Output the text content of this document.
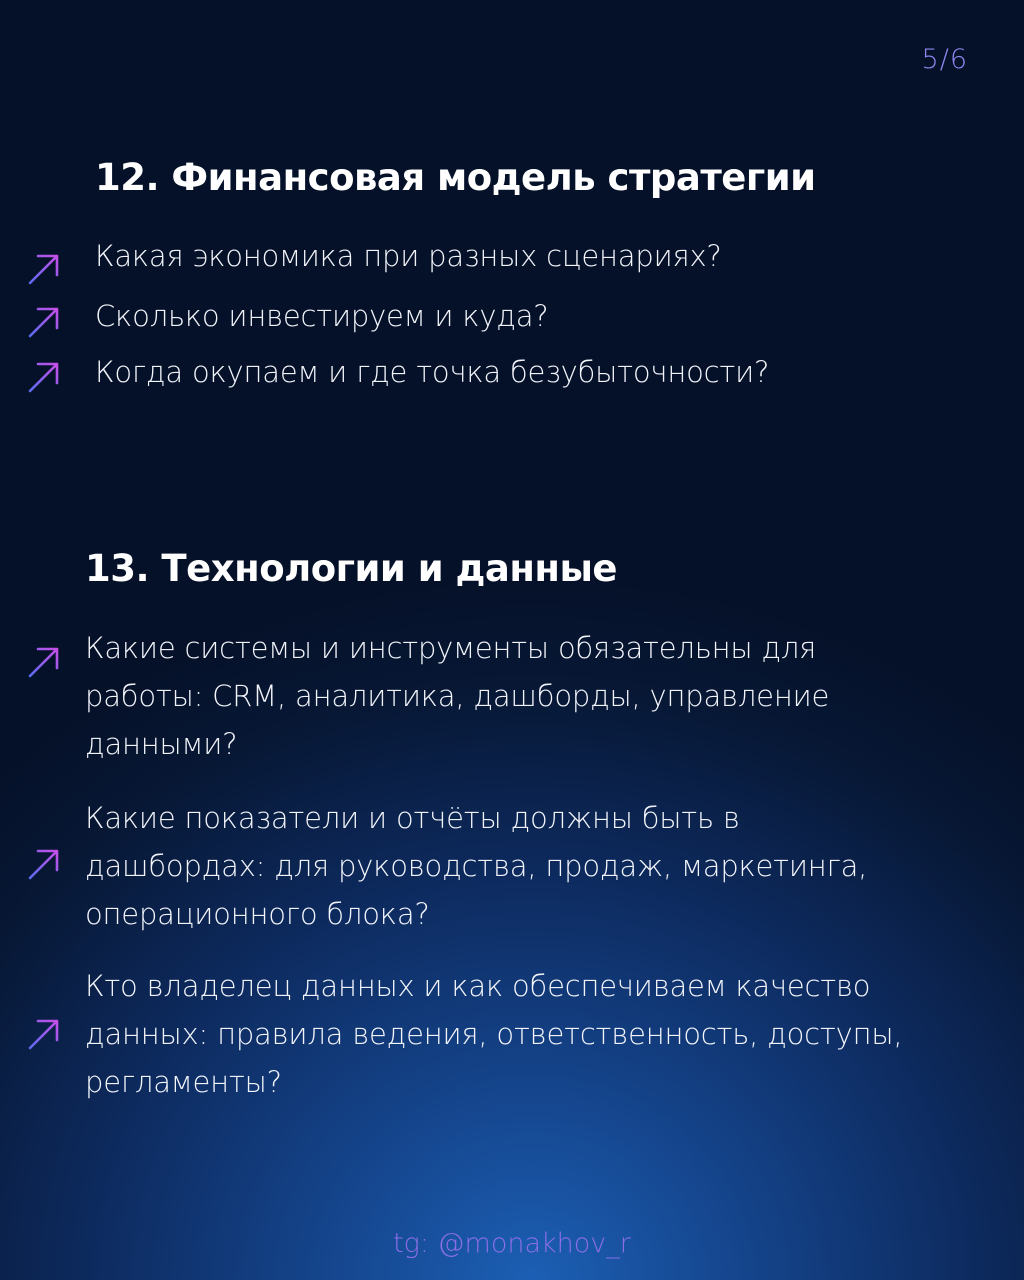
5/6
12. Финансовая модель стратегии

Какая экономика при разных сценариях?

Сколько инвестируем и куда?

Когда окупаем и где точка безубыточности?

13. Технологии и данные

Какие системы и инструменты обязательны для

работы: CRM, аналитика, дашборды, управление

данными?

Какие показатели и отчёты должны быть в

дашбордах: для руководства, продаж, маркетинга,

операционного блока?

Кто владелец данных и как обеспечиваем качество

данных: правила ведения, ответственность, доступы,

регламенты?

tg: @monakhov_r
